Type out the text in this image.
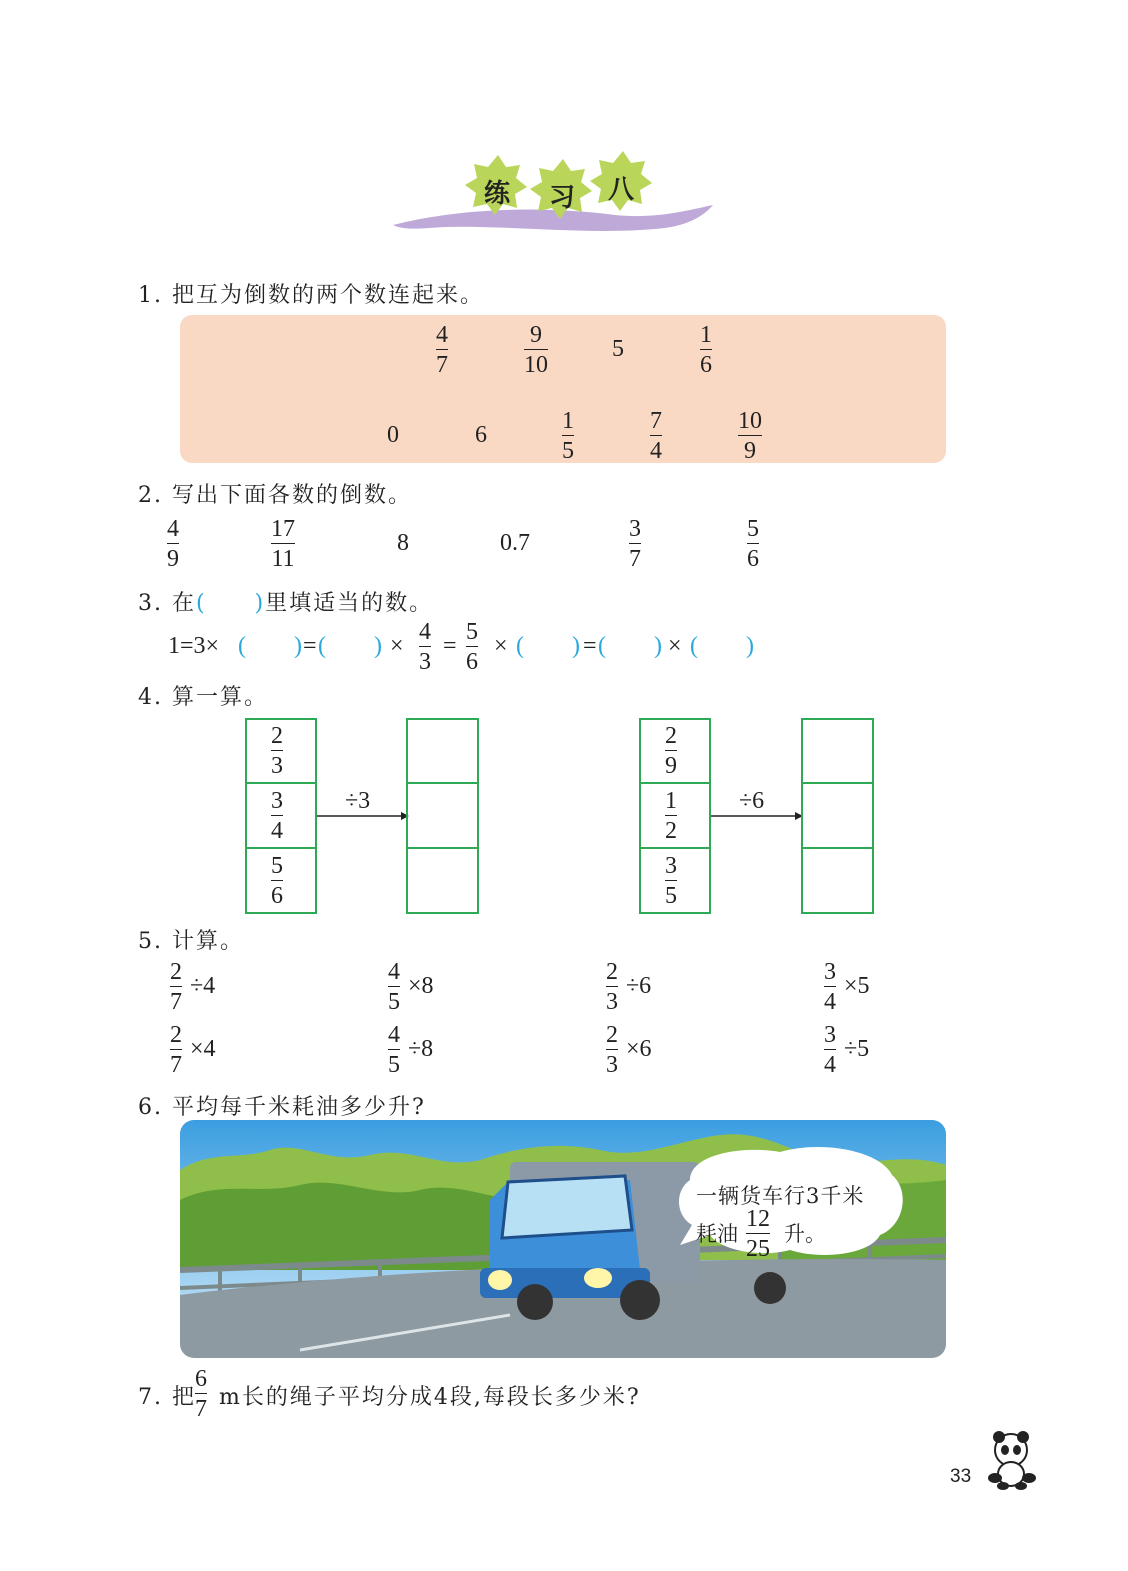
练 习 八
1. 把互为倒数的两个数连起来。
4
7
9
10
5
1
6
0	6
1
5
7
4
10
9
2. 写出下面各数的倒数。
4
9
17
11
8	0.7
3
7
5
6
3. 在(　　)里填适当的数。
1=3× (　　) = (　　) ×
4
3
=
5
6
× (　　) = (　　) × (　　)
4. 算一算。
2
3
3
4
5
6
÷3
2
9
1
2
3
5
÷6
5. 计算。
2
7
÷4
4
5
×8
2
3
÷6
3
4
×5
2
7
×4
4
5
÷8
2
3
×6
3
4
÷5
6. 平均每千米耗油多少升?
一辆货车行3千米
耗油
12
25
升。
7. 把
6
7 m长的绳子平均分成4段,每段长多少米?
33
